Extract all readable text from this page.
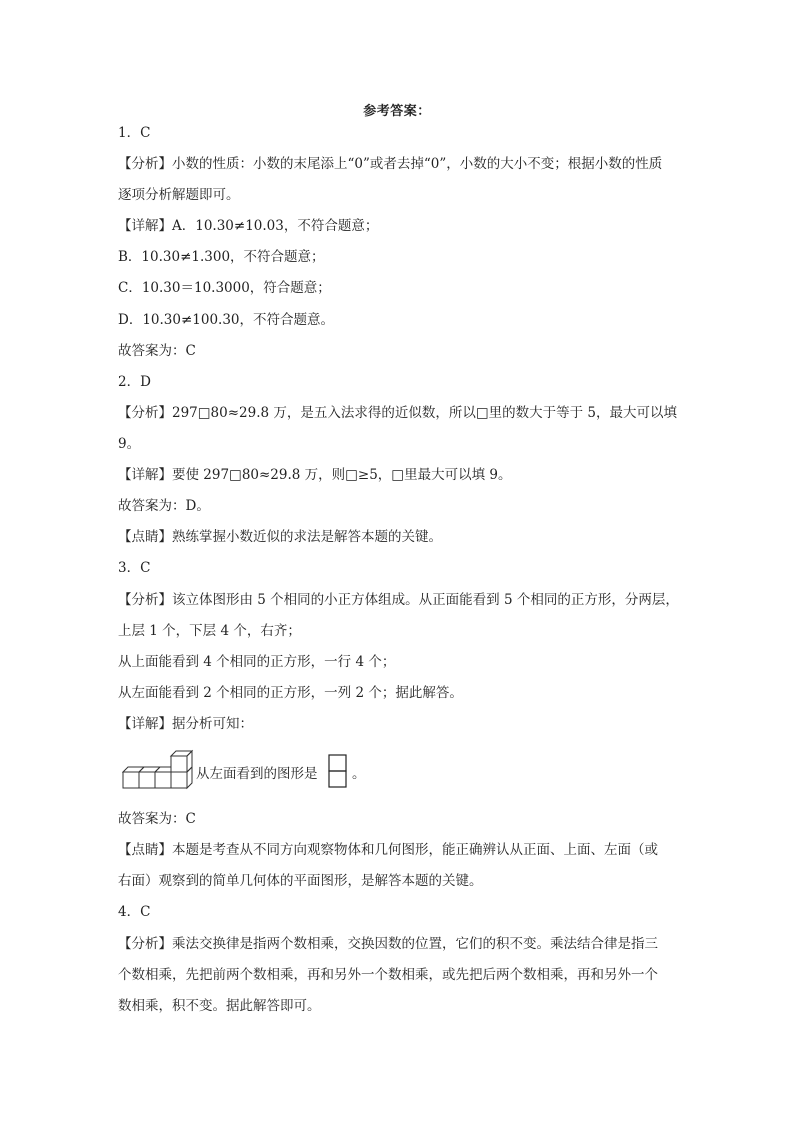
参考答案：
1．C
【分析】小数的性质：小数的末尾添上“0”或者去掉“0”，小数的大小不变；根据小数的性质
逐项分析解题即可。
【详解】A．10.30≠10.03，不符合题意；
B．10.30≠1.300，不符合题意；
C．10.30＝10.3000，符合题意；
D．10.30≠100.30，不符合题意。
故答案为：C
2．D
【分析】297□80≈29.8 万，是五入法求得的近似数，所以□里的数大于等于 5，最大可以填
9。
【详解】要使 297□80≈29.8 万，则□≥5，□里最大可以填 9。
故答案为：D。
【点睛】熟练掌握小数近似的求法是解答本题的关键。
3．C
【分析】该立体图形由 5 个相同的小正方体组成。从正面能看到 5 个相同的正方形，分两层，
上层 1 个，下层 4 个，右齐；
从上面能看到 4 个相同的正方形，一行 4 个；
从左面能看到 2 个相同的正方形，一列 2 个；据此解答。
【详解】据分析可知：
从左面看到的图形是	。
故答案为：C
【点睛】本题是考查从不同方向观察物体和几何图形，能正确辨认从正面、上面、左面（或
右面）观察到的简单几何体的平面图形，是解答本题的关键。
4．C
【分析】乘法交换律是指两个数相乘，交换因数的位置，它们的积不变。乘法结合律是指三
个数相乘，先把前两个数相乘，再和另外一个数相乘，或先把后两个数相乘，再和另外一个
数相乘，积不变。据此解答即可。
